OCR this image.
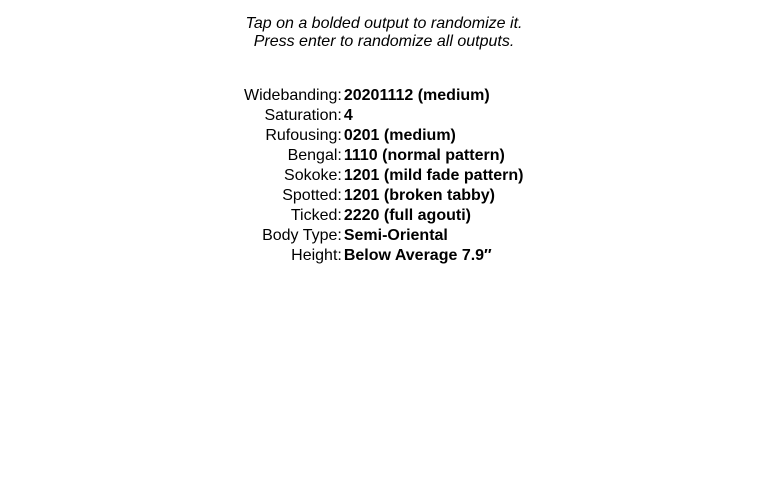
Tap on a bolded output to randomize it.
Press enter to randomize all outputs.
Widebanding:	20201112 (medium)
Saturation:	4
Rufousing:	0201 (medium)
Bengal:	1110 (normal pattern)
Sokoke:	1201 (mild fade pattern)
Spotted:	1201 (broken tabby)
Ticked:	2220 (full agouti)
Body Type:	Semi-Oriental
Height:	Below Average 7.9″
